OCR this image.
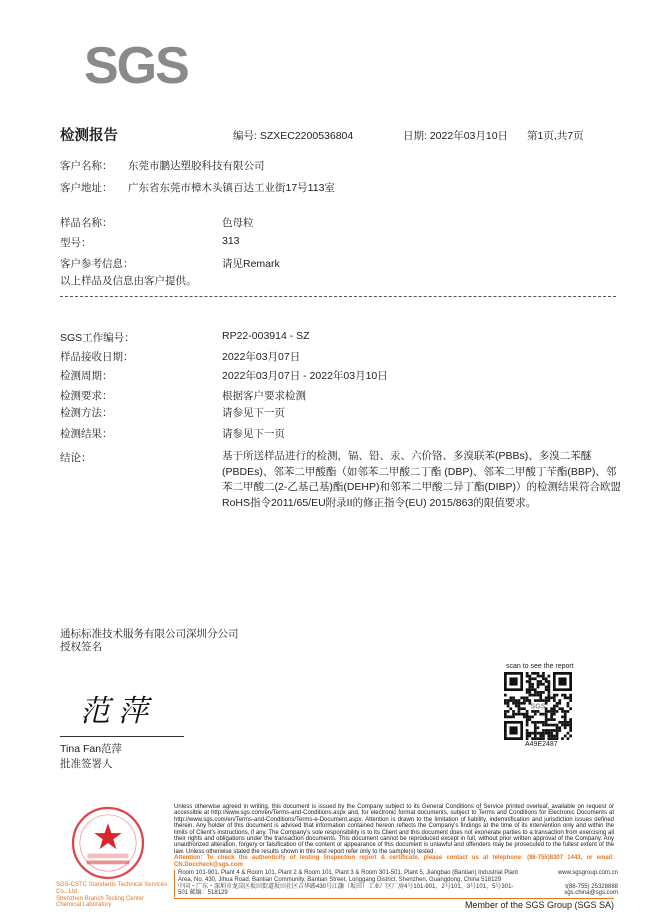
SGS
检测报告	编号: SZXEC2200536804	日期: 2022年03月10日 第1页,共7页
客户名称： 东莞市鹏达塑胶科技有限公司
客户地址： 广东省东莞市樟木头镇百达工业街17号113室
样品名称：	色母粒
型号：	313
客户参考信息：	请见Remark
以上样品及信息由客户提供。
SGS工作编号：	RP22-003914 - SZ
样品接收日期：	2022年03月07日
检测周期：	2022年03月07日 - 2022年03月10日
检测要求：	根据客户要求检测
检测方法：	请参见下一页
检测结果：	请参见下一页
结论：	基于所送样品进行的检测，镉、铅、汞、六价铬、多溴联苯(PBBs)、多溴二苯醚(PBDEs)、邻苯二甲酸酯（如邻苯二甲酸二丁酯 (DBP)、邻苯二甲酸丁苄酯(BBP)、邻苯二甲酸二(2-乙基己基)酯(DEHP)和邻苯二甲酸二异丁酯(DIBP)）的检测结果符合欧盟RoHS指令2011/65/EU附录II的修正指令(EU) 2015/863的限值要求。
通标标准技术服务有限公司深圳分公司
授权签名
范萍
Tina Fan范萍
批准签署人
scan to see the report
SGS
A49E2487
SGS-CSTC Standards Technical Services Co., Ltd.
Shenzhen Branch Testing Center Chemical Laboratory
Unless otherwise agreed in writing, this document is issued by the Company subject to its General Conditions of Service printed overleaf, available on request or accessible at http://www.sgs.com/en/Terms-and-Conditions.aspx and, for electronic format documents, subject to Terms and Conditions for Electronic Documents at http://www.sgs.com/en/Terms-and-Conditions/Terms-e-Document.aspx. Attention is drawn to the limitation of liability, indemnification and jurisdiction issues defined therein. Any holder of this document is advised that information contained hereon reflects the Company's findings at the time of its intervention only and within the limits of Client's instructions, if any. The Company's sole responsibility is to its Client and this document does not exonerate parties to a transaction from exercising all their rights and obligations under the transaction documents. This document cannot be reproduced except in full, without prior written approval of the Company. Any unauthorized alteration, forgery or falsification of the content or appearance of this document is unlawful and offenders may be prosecuted to the fullest extent of the law. Unless otherwise stated the results shown in this test report refer only to the sample(s) tested .
Attention: To check the authenticity of testing /inspection report & certificate, please contact us at telephone: (86-755)8307 1443, or email: CN.Doccheck@sgs.com
Room 101-901, Plant 4 & Room 101, Plant 2 & Room 101, Plant 3 & Room 301-501, Plant 5, Jiangbao (Bantian) Industrial Plant Area, No. 430, Jihua Road, Bantian Community, Bantian Street, Longgang District, Shenzhen, Guangdong, China 518129
www.sgsgroup.com.cn
中国・广东・深圳市龙岗区坂田街道坂田社区吉华路430号江灏（坂田）工业厂区厂房4号101-901、2号101、3号101、5号301-501 邮编：518129
t(86-755) 25328888
sgs.china@sgs.com
Member of the SGS Group (SGS SA)
